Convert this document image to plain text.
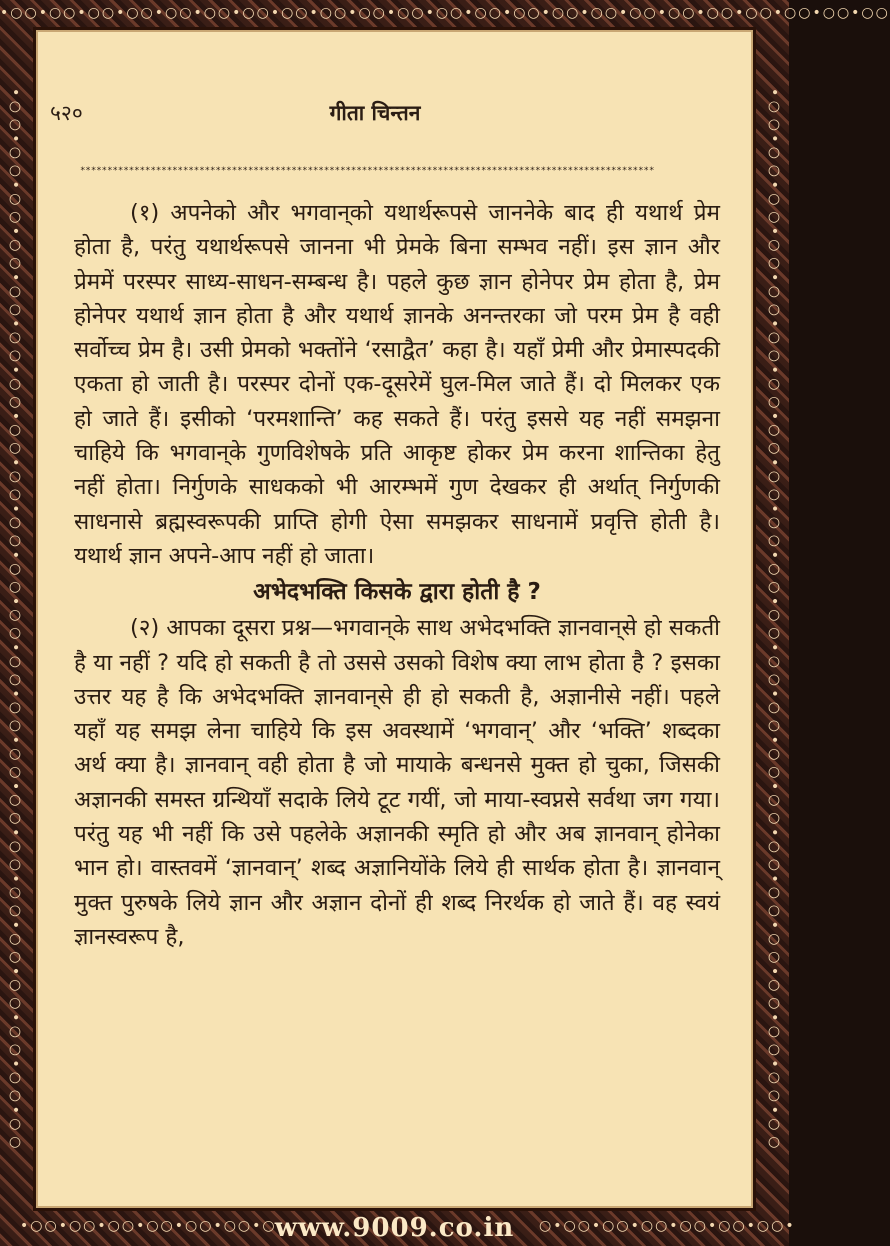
•○○•○○•○○•○○•○○•○○•○○•○○•○○•○○•○○•○○•○○•○○•○○•○○•○○•○○•○○•○○•○○•○○•○○
•○○•○○•○○•○○•○○•○○•○○•○○•○○•○○•○○•○○•○○•○○•○○•○○•○○•○○•○○•○○•○○•○○•○○	•○○•○○•○○•○○•○○•○○•○○•○○•○○•○○•○○•○○•○○•○○•○○•○○•○○•○○•○○•○○•○○•○○•○○
५२०	गीता चिन्तन
**********************************************************************************************************

(१) अपनेको और भगवान्‌को यथार्थरूपसे जाननेके बाद ही यथार्थ प्रेम होता है, परंतु यथार्थरूपसे जानना भी प्रेमके बिना सम्भव नहीं। इस ज्ञान और प्रेममें परस्पर साध्य-साधन-सम्बन्ध है। पहले कुछ ज्ञान होनेपर प्रेम होता है, प्रेम होनेपर यथार्थ ज्ञान होता है और यथार्थ ज्ञानके अनन्तरका जो परम प्रेम है वही सर्वोच्च प्रेम है। उसी प्रेमको भक्तोंने ‘रसाद्वैत’ कहा है। यहाँ प्रेमी और प्रेमास्पदकी एकता हो जाती है। परस्पर दोनों एक-दूसरेमें घुल-मिल जाते हैं। दो मिलकर एक हो जाते हैं। इसीको ‘परमशान्ति’ कह सकते हैं। परंतु इससे यह नहीं समझना चाहिये कि भगवान्‌के गुणविशेषके प्रति आकृष्ट होकर प्रेम करना शान्तिका हेतु नहीं होता। निर्गुणके साधकको भी आरम्भमें गुण देखकर ही अर्थात् निर्गुणकी साधनासे ब्रह्मस्वरूपकी प्राप्ति होगी ऐसा समझकर साधनामें प्रवृत्ति होती है। यथार्थ ज्ञान अपने-आप नहीं हो जाता।

अभेदभक्ति किसके द्वारा होती है ?

(२) आपका दूसरा प्रश्न—भगवान्‌के साथ अभेदभक्ति ज्ञानवान्‌से हो सकती है या नहीं ? यदि हो सकती है तो उससे उसको विशेष क्या लाभ होता है ? इसका उत्तर यह है कि अभेदभक्ति ज्ञानवान्‌से ही हो सकती है, अज्ञानीसे नहीं। पहले यहाँ यह समझ लेना चाहिये कि इस अवस्थामें ‘भगवान्’ और ‘भक्ति’ शब्दका अर्थ क्या है। ज्ञानवान् वही होता है जो मायाके बन्धनसे मुक्त हो चुका, जिसकी अज्ञानकी समस्त ग्रन्थियाँ सदाके लिये टूट गयीं, जो माया-स्वप्नसे सर्वथा जग गया। परंतु यह भी नहीं कि उसे पहलेके अज्ञानकी स्मृति हो और अब ज्ञानवान् होनेका भान हो। वास्तवमें ‘ज्ञानवान्’ शब्द अज्ञानियोंके लिये ही सार्थक होता है। ज्ञानवान् मुक्त पुरुषके लिये ज्ञान और अज्ञान दोनों ही शब्द निरर्थक हो जाते हैं। वह स्वयं ज्ञानस्वरूप है,

•○○•○○•○○•○○•○○•○○•○
www.9009.co.in	○•○○•○○•○○•○○•○○•○○•
